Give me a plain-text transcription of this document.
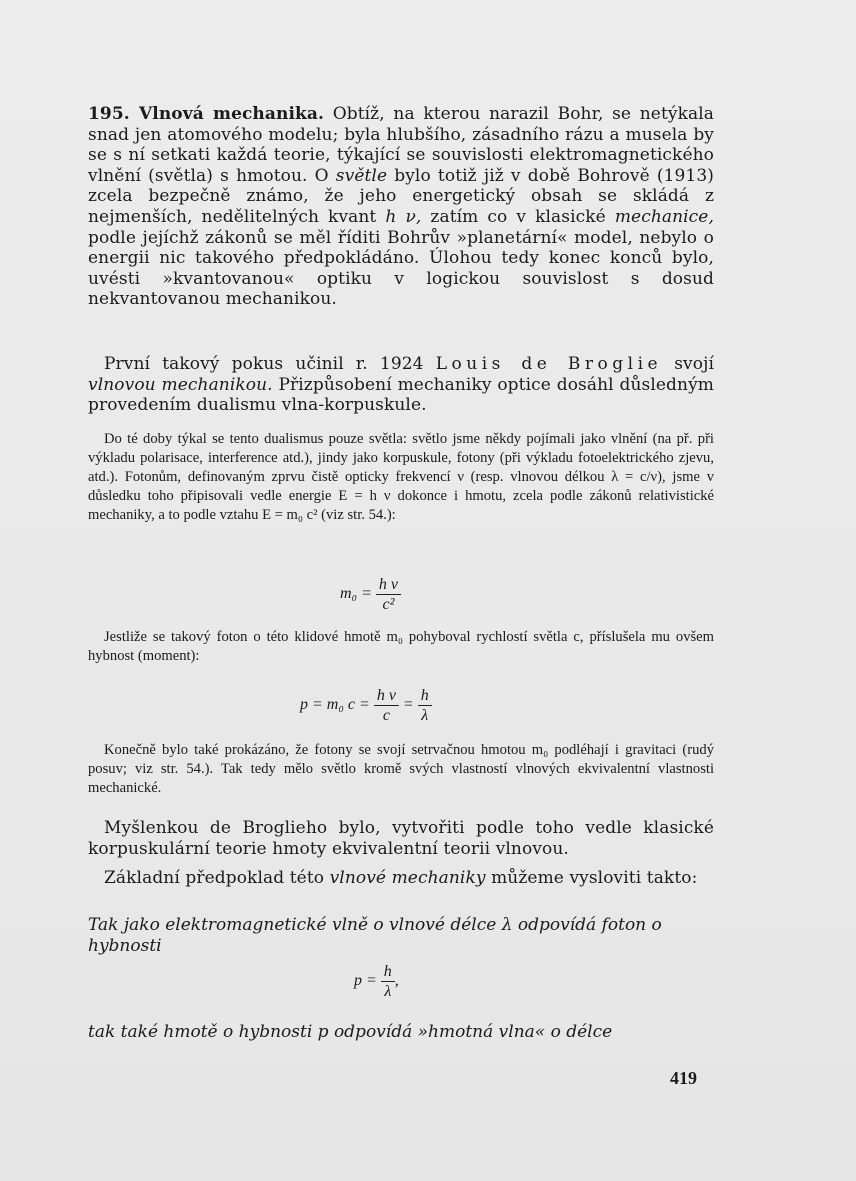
195. Vlnová mechanika. Obtíž, na kterou narazil Bohr, se netýkala snad jen atomového modelu; byla hlubšího, zásadního rázu a musela by se s ní setkati každá teorie, týkající se souvislosti elektromagnetického vlnění (světla) s hmotou. O světle bylo totiž již v době Bohrově (1913) zcela bezpečně známo, že jeho energetický obsah se skládá z nejmenších, nedělitelných kvant h ν, zatím co v klasické mechanice, podle jejíchž zákonů se měl říditi Bohrův »planetární« model, nebylo o energii nic takového předpokládáno. Úlohou tedy konec konců bylo, uvésti »kvantovanou« optiku v logickou souvislost s dosud nekvantovanou mechanikou.

První takový pokus učinil r. 1924 Louis de Broglie svojí vlnovou mechanikou. Přizpůsobení mechaniky optice dosáhl důsledným provedením dualismu vlna-korpuskule.

Do té doby týkal se tento dualismus pouze světla: světlo jsme někdy pojímali jako vlnění (na př. při výkladu polarisace, interference atd.), jindy jako korpuskule, fotony (při výkladu fotoelektrického zjevu, atd.). Fotonům, definovaným zprvu čistě opticky frekvencí ν (resp. vlnovou délkou λ = c/ν), jsme v důsledku toho připisovali vedle energie E = h ν dokonce i hmotu, zcela podle zákonů relativistické mechaniky, a to podle vztahu E = m₀ c² (viz str. 54.):

$m_0 = \frac{\text{h ν}}{\text{c²}}$

Jestliže se takový foton o této klidové hmotě m₀ pohyboval rychlostí světla c, příslušela mu ovšem hybnost (moment):

p = m₀ $c = \frac{\text{h ν}}{c} = \frac{h}{\lambda}$

Konečně bylo také prokázáno, že fotony se svojí setrvačnou hmotou m₀ podléhají i gravitaci (rudý posuv; viz str. 54.). Tak tedy mělo světlo kromě svých vlastností vlnových ekvivalentní vlastnosti mechanické.

Myšlenkou de Broglieho bylo, vytvořiti podle toho vedle klasické korpuskulární teorie hmoty ekvivalentní teorii vlnovou.

Základní předpoklad této vlnové mechaniky můžeme vysloviti takto:

Tak jako elektromagnetické vlně o vlnové délce λ odpovídá foton o hybnosti

$p = \frac{h}{\lambda}$ ,

tak také hmotě o hybnosti p odpovídá »hmotná vlna« o délce

419
